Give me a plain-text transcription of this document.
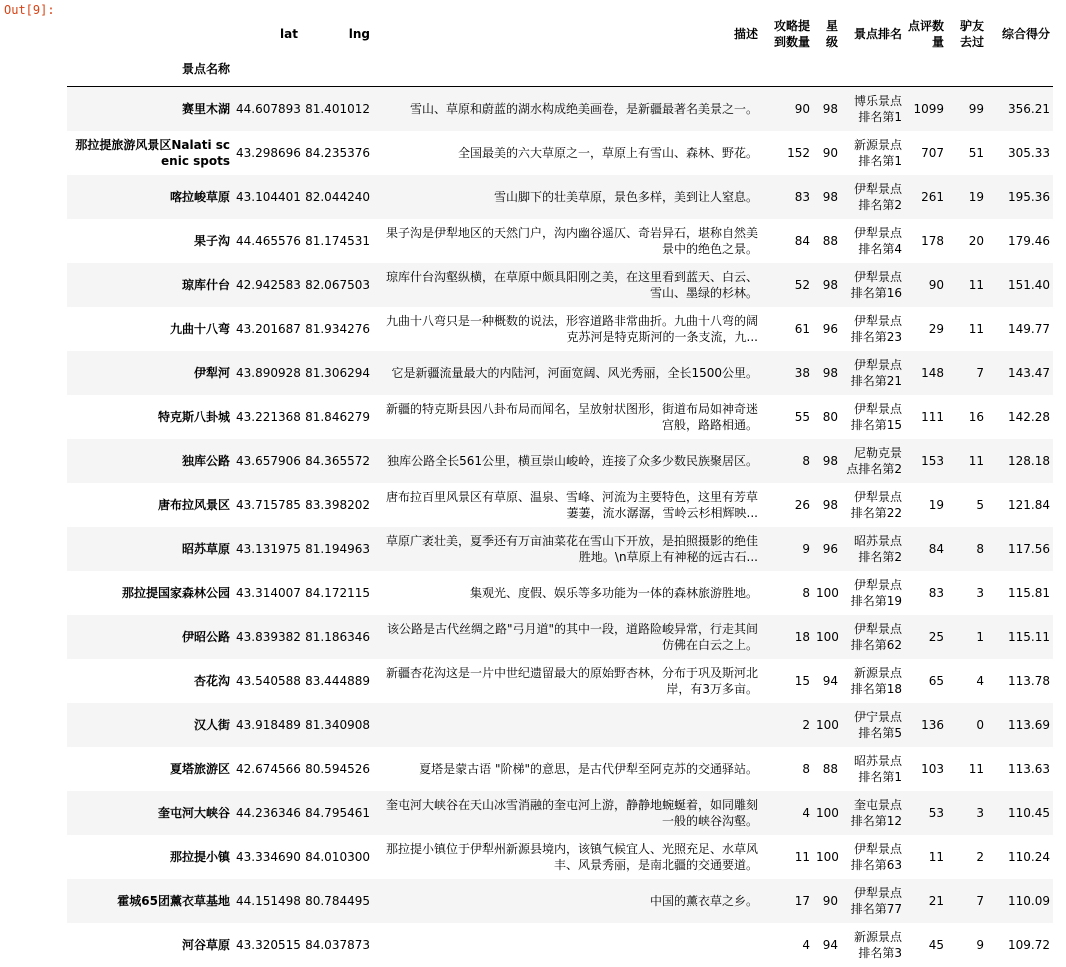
Out[9]:
	lat	lng	描述	攻略提到数量	星级	景点排名	点评数量	驴友去过	综合得分
景点名称									
赛里木湖	44.607893	81.401012	雪山、草原和蔚蓝的湖水构成绝美画卷，是新疆最著名美景之一。	90	98	博乐景点排名第1	1099	99	356.21
那拉提旅游风景区Nalati scenic spots	43.298696	84.235376	全国最美的六大草原之一，草原上有雪山、森林、野花。	152	90	新源景点排名第1	707	51	305.33
喀拉峻草原	43.104401	82.044240	雪山脚下的壮美草原，景色多样，美到让人窒息。	83	98	伊犁景点排名第2	261	19	195.36
果子沟	44.465576	81.174531	果子沟是伊犁地区的天然门户，沟内幽谷遥仄、奇岩异石，堪称自然美景中的绝色之景。	84	88	伊犁景点排名第4	178	20	179.46
琼库什台	42.942583	82.067503	琼库什台沟壑纵横，在草原中颇具阳刚之美，在这里看到蓝天、白云、雪山、墨绿的杉林。	52	98	伊犁景点排名第16	90	11	151.40
九曲十八弯	43.201687	81.934276	九曲十八弯只是一种概数的说法，形容道路非常曲折。九曲十八弯的阔克苏河是特克斯河的一条支流，九...	61	96	伊犁景点排名第23	29	11	149.77
伊犁河	43.890928	81.306294	它是新疆流量最大的内陆河，河面宽阔、风光秀丽，全长1500公里。	38	98	伊犁景点排名第21	148	7	143.47
特克斯八卦城	43.221368	81.846279	新疆的特克斯县因八卦布局而闻名，呈放射状图形，街道布局如神奇迷宫般，路路相通。	55	80	伊犁景点排名第15	111	16	142.28
独库公路	43.657906	84.365572	独库公路全长561公里，横亘崇山峻岭，连接了众多少数民族聚居区。	8	98	尼勒克景点排名第2	153	11	128.18
唐布拉风景区	43.715785	83.398202	唐布拉百里风景区有草原、温泉、雪峰、河流为主要特色，这里有芳草萋萋，流水潺潺，雪岭云杉相辉映...	26	98	伊犁景点排名第22	19	5	121.84
昭苏草原	43.131975	81.194963	草原广袤壮美，夏季还有万亩油菜花在雪山下开放，是拍照摄影的绝佳胜地。\n草原上有神秘的远古石...	9	96	昭苏景点排名第2	84	8	117.56
那拉提国家森林公园	43.314007	84.172115	集观光、度假、娱乐等多功能为一体的森林旅游胜地。	8	100	伊犁景点排名第19	83	3	115.81
伊昭公路	43.839382	81.186346	该公路是古代丝绸之路"弓月道"的其中一段，道路险峻异常，行走其间仿佛在白云之上。	18	100	伊犁景点排名第62	25	1	115.11
杏花沟	43.540588	83.444889	新疆杏花沟这是一片中世纪遗留最大的原始野杏林，分布于巩及斯河北岸，有3万多亩。	15	94	新源景点排名第18	65	4	113.78
汉人街	43.918489	81.340908		2	100	伊宁景点排名第5	136	0	113.69
夏塔旅游区	42.674566	80.594526	夏塔是蒙古语 "阶梯"的意思，是古代伊犁至阿克苏的交通驿站。	8	88	昭苏景点排名第1	103	11	113.63
奎屯河大峡谷	44.236346	84.795461	奎屯河大峡谷在天山冰雪消融的奎屯河上游，静静地蜿蜒着，如同雕刻一般的峡谷沟壑。	4	100	奎屯景点排名第12	53	3	110.45
那拉提小镇	43.334690	84.010300	那拉提小镇位于伊犁州新源县境内，该镇气候宜人、光照充足、水草风丰、风景秀丽，是南北疆的交通要道。	11	100	伊犁景点排名第63	11	2	110.24
霍城65团薰衣草基地	44.151498	80.784495	中国的薰衣草之乡。	17	90	伊犁景点排名第77	21	7	110.09
河谷草原	43.320515	84.037873		4	94	新源景点排名第3	45	9	109.72
